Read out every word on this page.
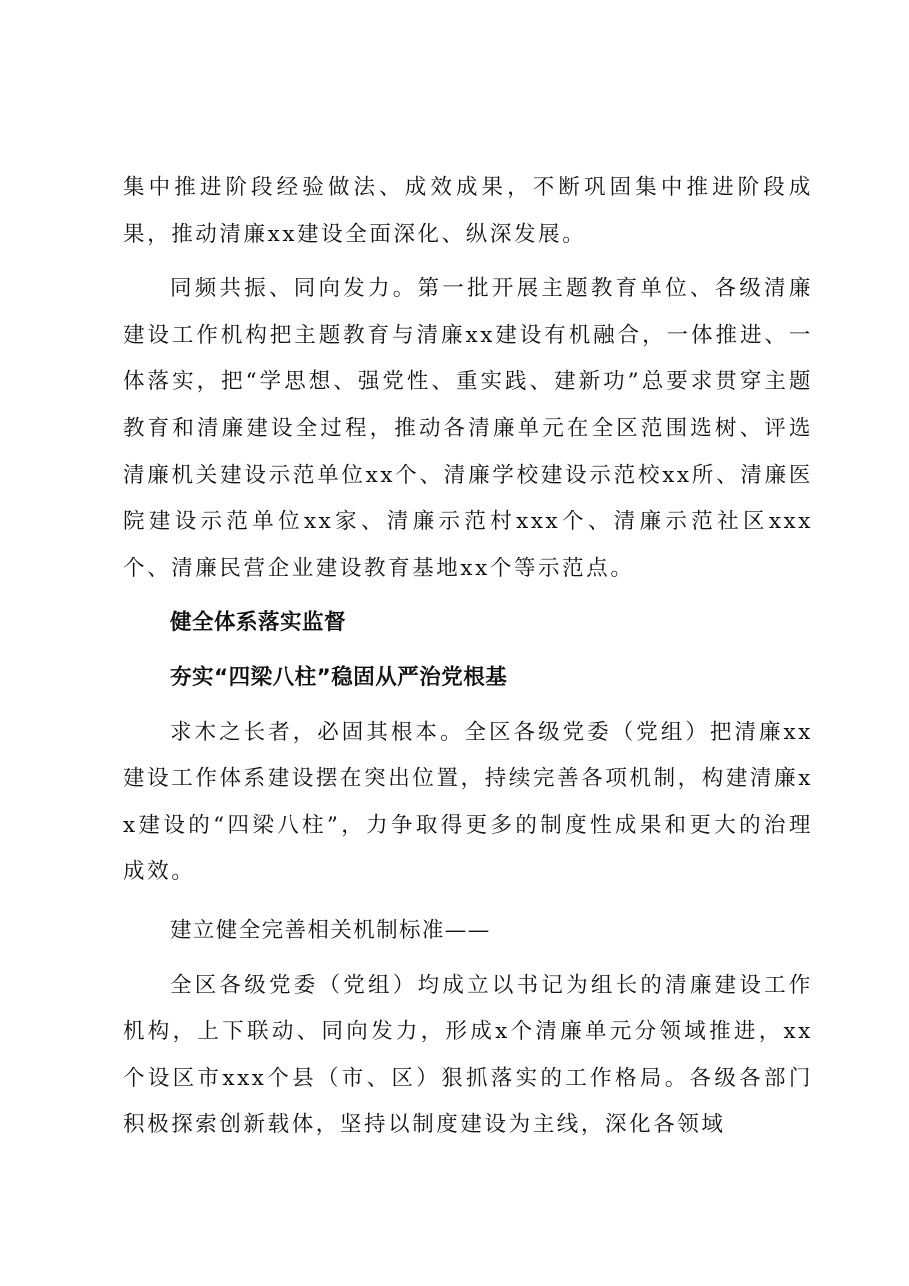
集中推进阶段经验做法、成效成果，不断巩固集中推进阶段成果，推动清廉xx建设全面深化、纵深发展。

同频共振、同向发力。第一批开展主题教育单位、各级清廉建设工作机构把主题教育与清廉xx建设有机融合，一体推进、一体落实，把“学思想、强党性、重实践、建新功”总要求贯穿主题教育和清廉建设全过程，推动各清廉单元在全区范围选树、评选清廉机关建设示范单位xx个、清廉学校建设示范校xx所、清廉医院建设示范单位xx家、清廉示范村xxx个、清廉示范社区xxx个、清廉民营企业建设教育基地xx个等示范点。

健全体系落实监督

夯实“四梁八柱”稳固从严治党根基

求木之长者，必固其根本。全区各级党委（党组）把清廉xx建设工作体系建设摆在突出位置，持续完善各项机制，构建清廉xx建设的“四梁八柱”，力争取得更多的制度性成果和更大的治理成效。

建立健全完善相关机制标准——

全区各级党委（党组）均成立以书记为组长的清廉建设工作机构，上下联动、同向发力，形成x个清廉单元分领域推进，xx个设区市xxx个县（市、区）狠抓落实的工作格局。各级各部门积极探索创新载体，坚持以制度建设为主线，深化各领域
